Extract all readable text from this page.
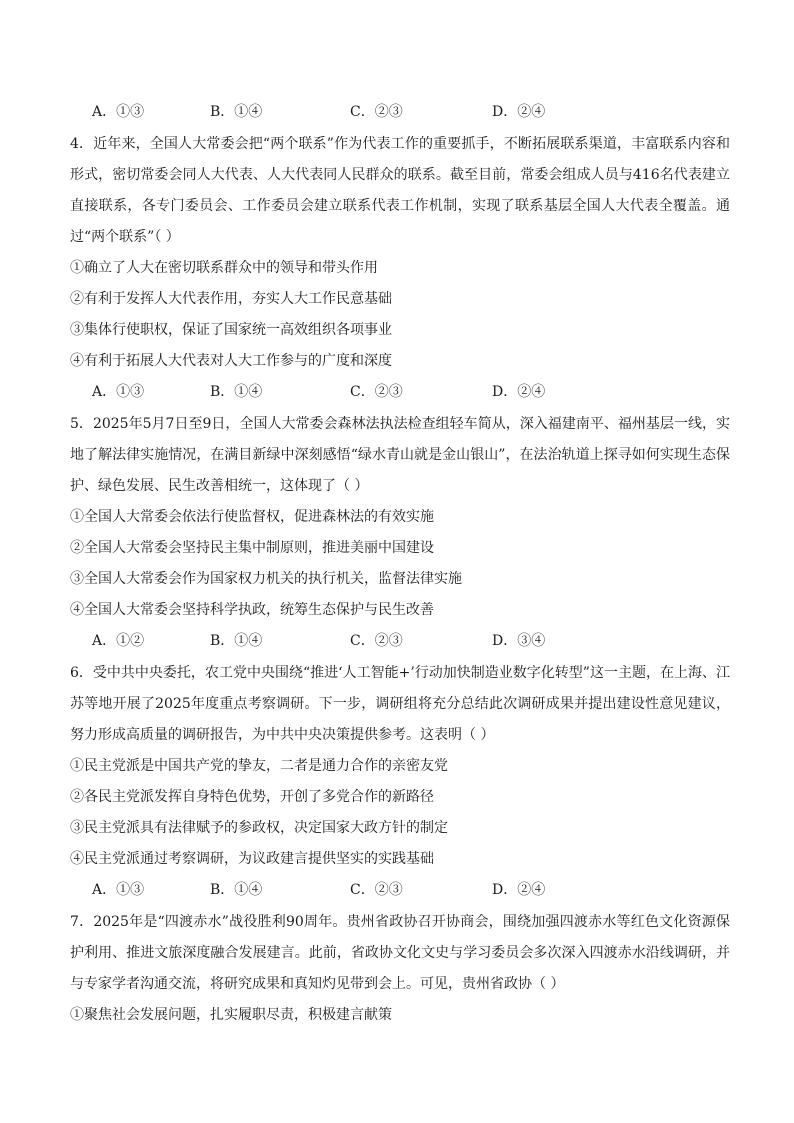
A．①③	B．①④	C．②③	D．②④
4．近年来，全国人大常委会把“两个联系”作为代表工作的重要抓手，不断拓展联系渠道，丰富联系内容和形式，密切常委会同人大代表、人大代表同人民群众的联系。截至目前，常委会组成人员与416名代表建立直接联系，各专门委员会、工作委员会建立联系代表工作机制，实现了联系基层全国人大代表全覆盖。通过“两个联系”（ ）
①确立了人大在密切联系群众中的领导和带头作用
②有利于发挥人大代表作用，夯实人大工作民意基础
③集体行使职权，保证了国家统一高效组织各项事业
④有利于拓展人大代表对人大工作参与的广度和深度
A．①③	B．①④	C．②③	D．②④
5．2025年5月7日至9日，全国人大常委会森林法执法检查组轻车简从，深入福建南平、福州基层一线，实地了解法律实施情况，在满目新绿中深刻感悟“绿水青山就是金山银山”，在法治轨道上探寻如何实现生态保护、绿色发展、民生改善相统一，这体现了（ ）
①全国人大常委会依法行使监督权，促进森林法的有效实施
②全国人大常委会坚持民主集中制原则，推进美丽中国建设
③全国人大常委会作为国家权力机关的执行机关，监督法律实施
④全国人大常委会坚持科学执政，统筹生态保护与民生改善
A．①②	B．①④	C．②③	D．③④
6．受中共中央委托，农工党中央围绕“推进‘人工智能+’行动加快制造业数字化转型”这一主题，在上海、江苏等地开展了2025年度重点考察调研。下一步，调研组将充分总结此次调研成果并提出建设性意见建议，努力形成高质量的调研报告，为中共中央决策提供参考。这表明（ ）
①民主党派是中国共产党的挚友，二者是通力合作的亲密友党
②各民主党派发挥自身特色优势，开创了多党合作的新路径
③民主党派具有法律赋予的参政权，决定国家大政方针的制定
④民主党派通过考察调研，为议政建言提供坚实的实践基础
A．①③	B．①④	C．②③	D．②④
7．2025年是“四渡赤水”战役胜利90周年。贵州省政协召开协商会，围绕加强四渡赤水等红色文化资源保护利用、推进文旅深度融合发展建言。此前，省政协文化文史与学习委员会多次深入四渡赤水沿线调研，并与专家学者沟通交流，将研究成果和真知灼见带到会上。可见，贵州省政协（ ）
①聚焦社会发展问题，扎实履职尽责，积极建言献策
